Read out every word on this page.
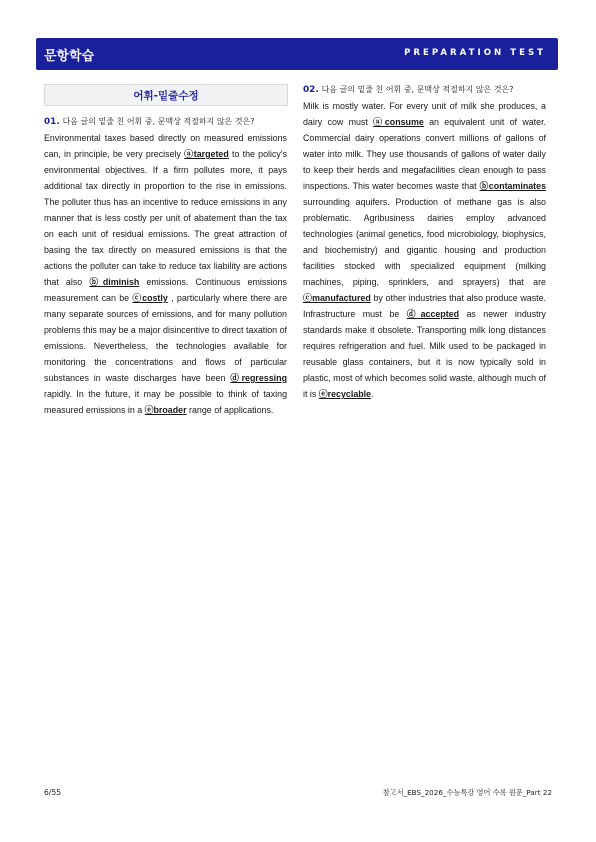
문항학습	PREPARATION TEST
어휘-밑줄수정
01. 다음 글의 밑줄 친 어휘 중, 문맥상 적절하지 않은 것은?

Environmental taxes based directly on measured emissions can, in principle, be very precisely ⓐtargeted to the policy's environmental objectives. If a firm pollutes more, it pays additional tax directly in proportion to the rise in emissions. The polluter thus has an incentive to reduce emissions in any manner that is less costly per unit of abatement than the tax on each unit of residual emissions. The great attraction of basing the tax directly on measured emissions is that the actions the polluter can take to reduce tax liability are actions that also ⓑdiminish emissions. Continuous emissions measurement can be ⓒcostly , particularly where there are many separate sources of emissions, and for many pollution problems this may be a major disincentive to direct taxation of emissions. Nevertheless, the technologies available for monitoring the concentrations and flows of particular substances in waste discharges have been ⓓregressing rapidly. In the future, it may be possible to think of taxing measured emissions in a ⓔbroader range of applications.

02. 다음 글의 밑줄 친 어휘 중, 문맥상 적절하지 않은 것은?

Milk is mostly water. For every unit of milk she produces, a dairy cow must ⓐconsume an equivalent unit of water. Commercial dairy operations convert millions of gallons of water into milk. They use thousands of gallons of water daily to keep their herds and megafacilities clean enough to pass inspections. This water becomes waste that ⓑcontaminates surrounding aquifers. Production of methane gas is also problematic. Agribusiness dairies employ advanced technologies (animal genetics, food microbiology, biophysics, and biochemistry) and gigantic housing and production facilities stocked with specialized equipment (milking machines, piping, sprinklers, and sprayers) that are ⓒmanufactured by other industries that also produce waste. Infrastructure must be ⓓaccepted as newer industry standards make it obsolete. Transporting milk long distances requires refrigeration and fuel. Milk used to be packaged in reusable glass containers, but it is now typically sold in plastic, most of which becomes solid waste, although much of it is ⓔrecyclable.

6/55	참고서_EBS_2026_수능특강 영어 수록 원문_Part 22
